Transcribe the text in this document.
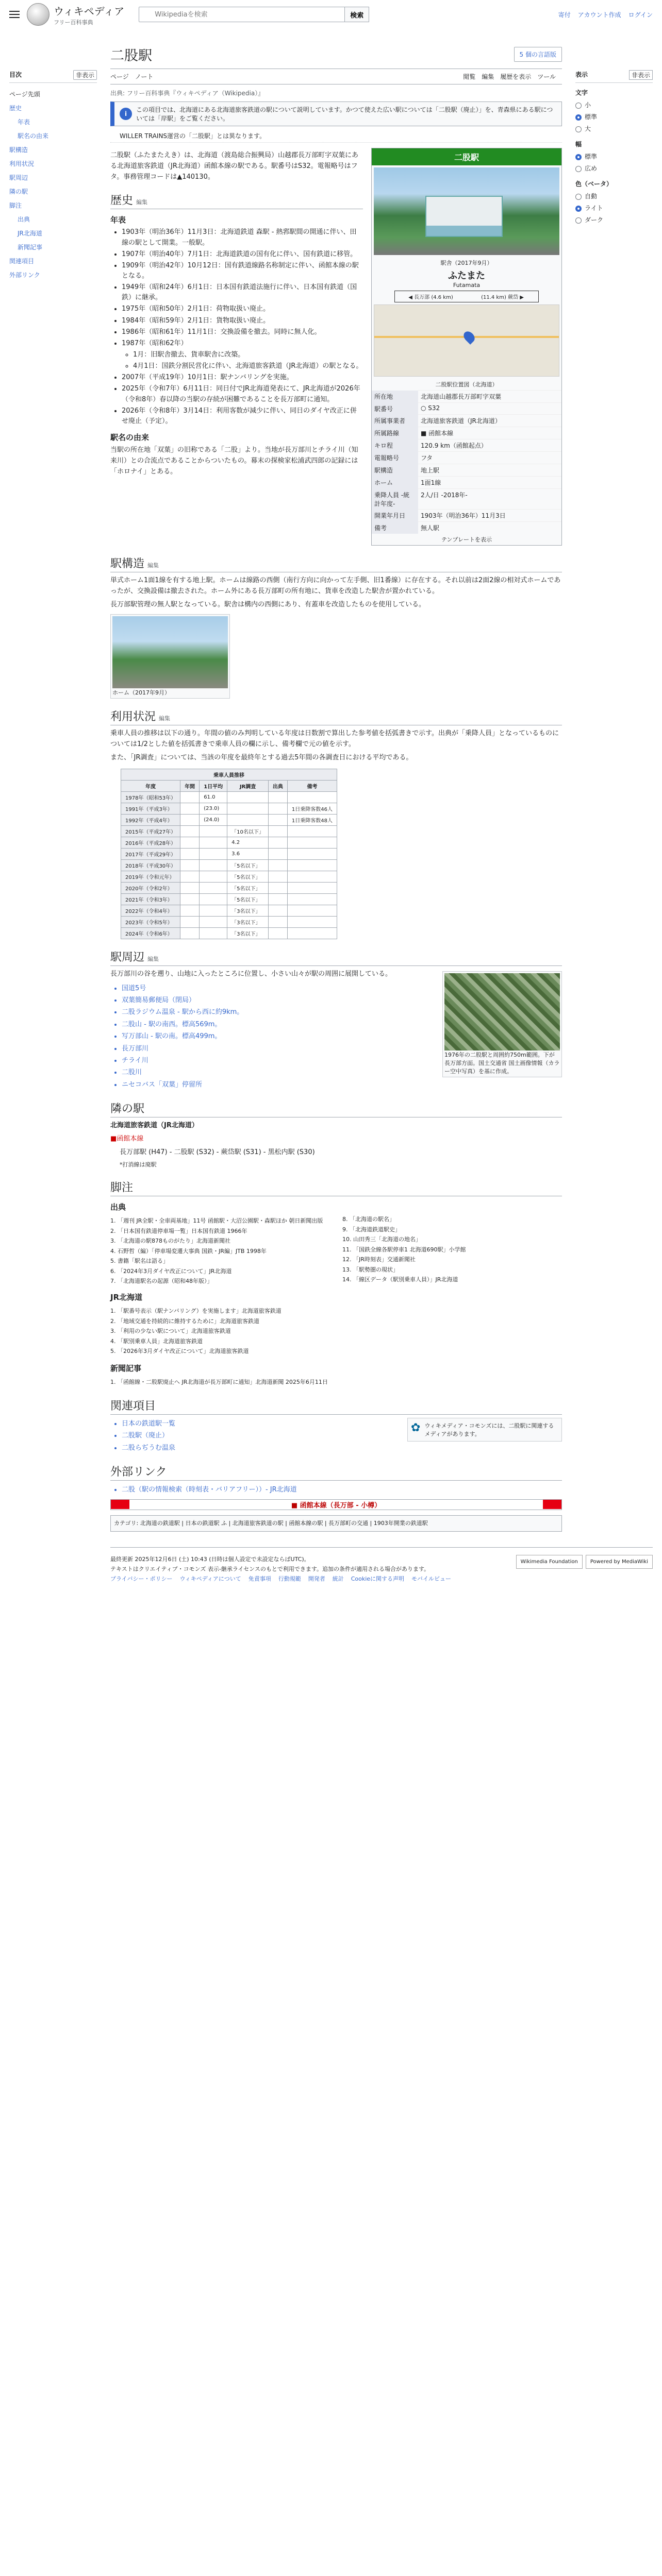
ウィキペディア
フリー百科事典
Wikipediaを検索
検索	寄付 アカウント作成 ログイン
目次	非表示
ページ先頭
歴史
年表
駅名の由来
駅構造
利用状況
駅周辺
隣の駅
脚注
出典
JR北海道
新聞記事
関連項目
外部リンク
二股駅	5 個の言語版
ページ ノート	閲覧 編集 履歴を表示 ツール
出典: フリー百科事典『ウィキペディア（Wikipedia）』
i
この項目では、北海道にある北海道旅客鉄道の駅について説明しています。かつて使えた広い駅については「二股駅（廃止）」を、青森県にある駅については「岸駅」をご覧ください。
WILLER TRAINS運営の「二股駅」とは異なります。

二股駅（ふたまたえき）は、北海道（渡島総合振興局）山越郡長万部町字双葉にある北海道旅客鉄道（JR北海道）函館本線の駅である。駅番号はS32。電報略号はフタ。事務管理コードは▲140130。

歴史 編集
年表
• 1903年（明治36年）11月3日：北海道鉄道 森駅 - 熱郛駅間の開通に伴い、田線の駅として開業。一般駅。
• 1907年（明治40年）7月1日：北海道鉄道の国有化に伴い、国有鉄道に移管。
• 1909年（明治42年）10月12日：国有鉄道線路名称制定に伴い、函館本線の駅となる。
• 1949年（昭和24年）6月1日：日本国有鉄道法施行に伴い、日本国有鉄道（国鉄）に継承。
• 1975年（昭和50年）2月1日：荷物取扱い廃止。
• 1984年（昭和59年）2月1日：貨物取扱い廃止。
• 1986年（昭和61年）11月1日：交換設備を撤去。同時に無人化。
• 1987年（昭和62年）
◦ 1月：旧駅舎撤去、貨車駅舎に改築。
◦ 4月1日：国鉄分割民営化に伴い、北海道旅客鉄道（JR北海道）の駅となる。
• 2007年（平成19年）10月1日：駅ナンバリングを実施。
• 2025年（令和7年）6月11日：同日付でJR北海道発表にて、JR北海道が2026年（令和8年）春以降の当駅の存続が困難であることを長万部町に通知。
• 2026年（令和8年）3月14日：利用客数が減少に伴い、同日のダイヤ改正に併せ廃止（予定）。
駅名の由来

当駅の所在地「双葉」の旧称である「二股」より。当地が長万部川とチライ川（知来川）との合流点であることからついたもの。幕末の探検家松浦武四郎の記録には「ホロナイ」とある。

二股駅
駅舎（2017年9月）
ふたまた
Futamata
◀ 長万部 (4.6 km)	(11.4 km) 蕨岱 ▶
二股駅位置図（北海道）
所在地	北海道山越郡長万部町字双葉
駅番号	○ S32
所属事業者	北海道旅客鉄道（JR北海道）
所属路線	■ 函館本線
キロ程	120.9 km（函館起点）
電報略号	フタ
駅構造	地上駅
ホーム	1面1線
乗降人員 -統計年度-	2人/日 -2018年-
開業年月日	1903年（明治36年）11月3日
備考	無人駅
テンプレートを表示
駅構造 編集

単式ホーム1面1線を有する地上駅。ホームは線路の西側（南行方向に向かって左手側、旧1番線）に存在する。それ以前は2面2線の相対式ホームであったが、交換設備は撤去された。ホーム外にある長万部町の所有地に、貨車を改造した駅舎が置かれている。

長万部駅管理の無人駅となっている。駅舎は構内の西側にあり、有蓋車を改造したものを使用している。

ホーム（2017年9月）
利用状況 編集

乗車人員の推移は以下の通り。年間の値のみ判明している年度は日数割で算出した参考値を括弧書きで示す。出典が「乗降人員」となっているものについては1/2とした値を括弧書きで乗車人員の欄に示し、備考欄で元の値を示す。

また、「JR調査」については、当該の年度を最終年とする過去5年間の各調査日における平均である。

乗車人員推移					
年度	年間	1日平均	JR調査	出典	備考
1978年（昭和53年）		61.0			
1991年（平成3年）		(23.0)			1日乗降客数46人
1992年（平成4年）		(24.0)			1日乗降客数48人
2015年（平成27年）			「10名以下」		
2016年（平成28年）			4.2		
2017年（平成29年）			3.6		
2018年（平成30年）			「5名以下」		
2019年（令和元年）			「5名以下」		
2020年（令和2年）			「5名以下」		
2021年（令和3年）			「5名以下」		
2022年（令和4年）			「3名以下」		
2023年（令和5年）			「3名以下」		
2024年（令和6年）			「3名以下」		
駅周辺 編集
1976年の二股駅と周囲約750m範囲。下が長万部方面。国土交通省 国土画像情報（カラー空中写真）を基に作成。

長万部川の谷を遡り、山地に入ったところに位置し、小さい山々が駅の周囲に展開している。

• 国道5号
• 双葉簡易郵便局（閉局）
• 二股ラジウム温泉 - 駅から西に約9km。
• 二股山 - 駅の南西。標高569m。
• 写万部山 - 駅の南。標高499m。
• 長万部川
• チライ川
• 二股川
• ニセコバス「双葉」停留所
隣の駅

北海道旅客鉄道（JR北海道）

■函館本線

長万部駅 (H47) - 二股駅 (S32) - 蕨岱駅 (S31) - 黒松内駅 (S30)

*打消線は廃駅

脚注
出典
1. 「週刊 JR全駅・全車両基地」11号 函館駅・大沼公園駅・森駅ほか 朝日新聞出版
2. 「日本国有鉄道停車場一覧」日本国有鉄道 1966年
3. 「北海道の駅878ものがたり」北海道新聞社
4. 石野哲（編）「停車場変遷大事典 国鉄・JR編」JTB 1998年
5. 書籍「駅名は語る」
6. 「2024年3月ダイヤ改正について」JR北海道
7. 「北海道駅名の起源（昭和48年版）」
8. 「北海道の駅名」
9. 「北海道鉄道駅史」
10. 山田秀三「北海道の地名」
11. 「国鉄全線各駅停車1 北海道690駅」小学館
12. 「JR時刻表」交通新聞社
13. 「駅勢圏の現状」
14. 「線区データ（駅別乗車人員）」JR北海道
JR北海道
1. 「駅番号表示（駅ナンバリング）を実施します」北海道旅客鉄道
2. 「地域交通を持続的に維持するために」北海道旅客鉄道
3. 「利用の少ない駅について」北海道旅客鉄道
4. 「駅別乗車人員」北海道旅客鉄道
5. 「2026年3月ダイヤ改正について」北海道旅客鉄道
新聞記事
1. 「函館線・二股駅廃止へ JR北海道が長万部町に通知」北海道新聞 2025年6月11日
関連項目
✿ ウィキメディア・コモンズには、二股駅に関連するメディアがあります。
• 日本の鉄道駅一覧
• 二股駅（廃止）
• 二股らぢうむ温泉
外部リンク
• 二股（駅の情報検索（時刻表・バリアフリー））- JR北海道
■ 函館本線（長万部 - 小樽）
カテゴリ: 北海道の鉄道駅 | 日本の鉄道駅 ふ | 北海道旅客鉄道の駅 | 函館本線の駅 | 長万部町の交通 | 1903年開業の鉄道駅
表示	非表示
文字
小
標準
大
幅
標準
広め
色（ベータ）
自動
ライト
ダーク
Wikimedia Foundation	Powered by MediaWiki
最終更新 2025年12月6日 (土) 10:43 (日時は個人設定で未設定ならばUTC)。
テキストはクリエイティブ・コモンズ 表示-継承ライセンスのもとで利用できます。追加の条件が適用される場合があります。
プライバシー・ポリシー ウィキペディアについて 免責事項 行動規範 開発者 統計 Cookieに関する声明 モバイルビュー
